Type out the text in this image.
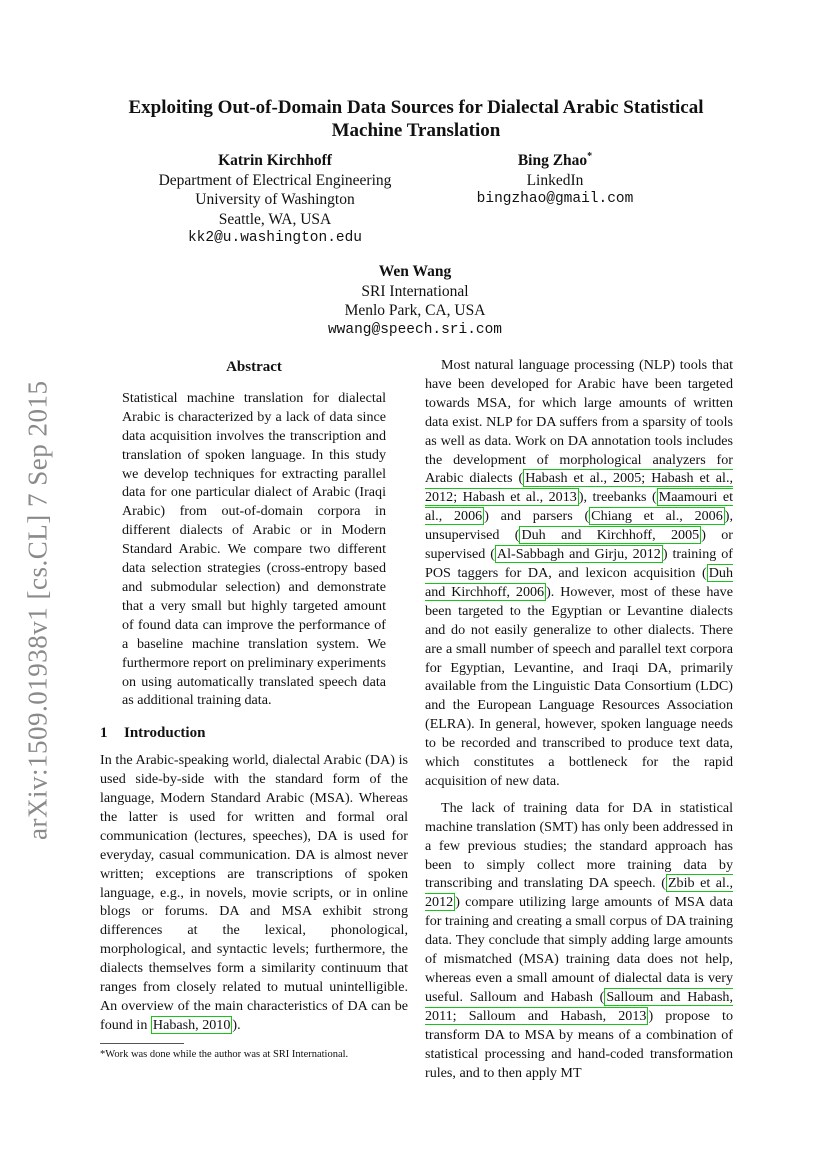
arXiv:1509.01938v1 [cs.CL] 7 Sep 2015
Exploiting Out-of-Domain Data Sources for Dialectal Arabic Statistical Machine Translation
Katrin Kirchhoff
Department of Electrical Engineering
University of Washington
Seattle, WA, USA
kk2@u.washington.edu
Bing Zhao*
LinkedIn
bingzhao@gmail.com
Wen Wang
SRI International
Menlo Park, CA, USA
wwang@speech.sri.com
Abstract

Statistical machine translation for dialectal Arabic is characterized by a lack of data since data acquisition involves the transcription and translation of spoken language. In this study we develop techniques for extracting parallel data for one particular dialect of Arabic (Iraqi Arabic) from out-of-domain corpora in different dialects of Arabic or in Modern Standard Arabic. We compare two different data selection strategies (cross-entropy based and submodular selection) and demonstrate that a very small but highly targeted amount of found data can improve the performance of a baseline machine translation system. We furthermore report on preliminary experiments on using automatically translated speech data as additional training data.

1 Introduction

In the Arabic-speaking world, dialectal Arabic (DA) is used side-by-side with the standard form of the language, Modern Standard Arabic (MSA). Whereas the latter is used for written and formal oral communication (lectures, speeches), DA is used for everyday, casual communication. DA is almost never written; exceptions are transcriptions of spoken language, e.g., in novels, movie scripts, or in online blogs or forums. DA and MSA exhibit strong differences at the lexical, phonological, morphological, and syntactic levels; furthermore, the dialects themselves form a similarity continuum that ranges from closely related to mutual unintelligible. An overview of the main characteristics of DA can be found in Habash, 2010 ).

*Work was done while the author was at SRI International.

Most natural language processing (NLP) tools that have been developed for Arabic have been targeted towards MSA, for which large amounts of written data exist. NLP for DA suffers from a sparsity of tools as well as data. Work on DA annotation tools includes the development of morphological analyzers for Arabic dialects ( Habash et al., 2005; Habash et al., 2012; Habash et al., 2013 ), treebanks ( Maamouri et al., 2006 ) and parsers ( Chiang et al., 2006 ), unsupervised ( Duh and Kirchhoff, 2005 ) or supervised ( Al-Sabbagh and Girju, 2012 ) training of POS taggers for DA, and lexicon acquisition ( Duh and Kirchhoff, 2006 ). However, most of these have been targeted to the Egyptian or Levantine dialects and do not easily generalize to other dialects. There are a small number of speech and parallel text corpora for Egyptian, Levantine, and Iraqi DA, primarily available from the Linguistic Data Consortium (LDC) and the European Language Resources Association (ELRA). In general, however, spoken language needs to be recorded and transcribed to produce text data, which constitutes a bottleneck for the rapid acquisition of new data.

The lack of training data for DA in statistical machine translation (SMT) has only been addressed in a few previous studies; the standard approach has been to simply collect more training data by transcribing and translating DA speech. ( Zbib et al., 2012 ) compare utilizing large amounts of MSA data for training and creating a small corpus of DA training data. They conclude that simply adding large amounts of mismatched (MSA) training data does not help, whereas even a small amount of dialectal data is very useful. Salloum and Habash ( Salloum and Habash, 2011; Salloum and Habash, 2013 ) propose to transform DA to MSA by means of a combination of statistical processing and hand-coded transformation rules, and to then apply MT
